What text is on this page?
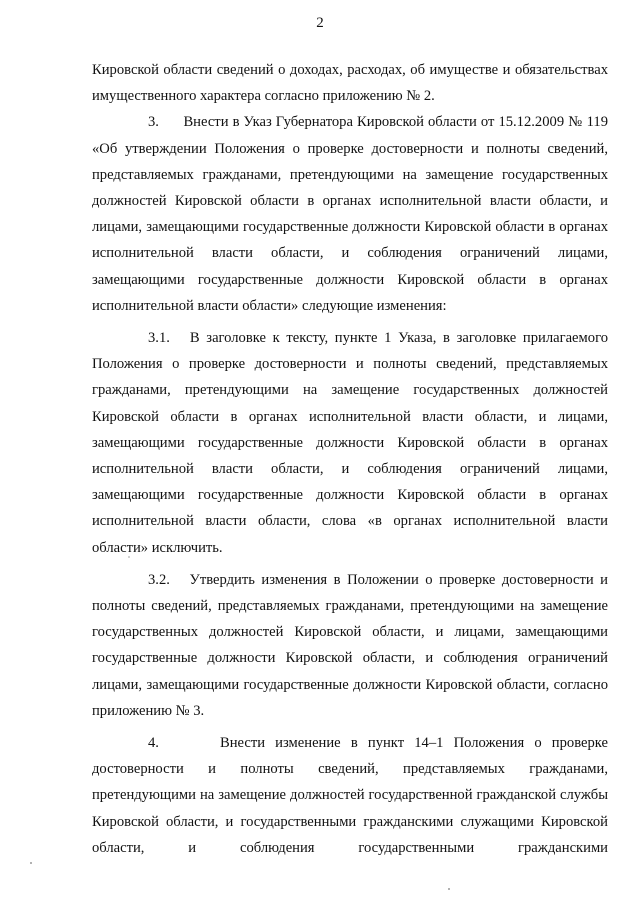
2

Кировской области сведений о доходах, расходах, об имуществе и обязательствах имущественного характера согласно приложению № 2.

3.      Внести в Указ Губернатора Кировской области от 15.12.2009 № 119 «Об утверждении Положения о проверке достоверности и полноты сведений, представляемых гражданами, претендующими на замещение государственных должностей Кировской области в органах исполнительной власти области, и лицами, замещающими государственные должности Кировской области в органах исполнительной власти области, и соблюдения ограничений лицами, замещающими государственные должности Кировской области в органах исполнительной власти области» следующие изменения:

3.1.   В заголовке к тексту, пункте 1 Указа, в заголовке прилагаемого Положения о проверке достоверности и полноты сведений, представляемых гражданами, претендующими на замещение государственных должностей Кировской области в органах исполнительной власти области, и лицами, замещающими государственные должности Кировской области в органах исполнительной власти области, и соблюдения ограничений лицами, замещающими государственные должности Кировской области в органах исполнительной власти области, слова «в органах исполнительной власти области» исключить.

3.2.   Утвердить изменения в Положении о проверке достоверности и полноты сведений, представляемых гражданами, претендующими на замещение государственных должностей Кировской области, и лицами, замещающими государственные должности Кировской области, и соблюдения ограничений лицами, замещающими государственные должности Кировской области, согласно приложению № 3.

4.      Внести изменение в пункт 14–1 Положения о проверке достоверности и полноты сведений, представляемых гражданами, претендующими на замещение должностей государственной гражданской службы Кировской области, и государственными гражданскими служащими Кировской области, и соблюдения государственными гражданскими
